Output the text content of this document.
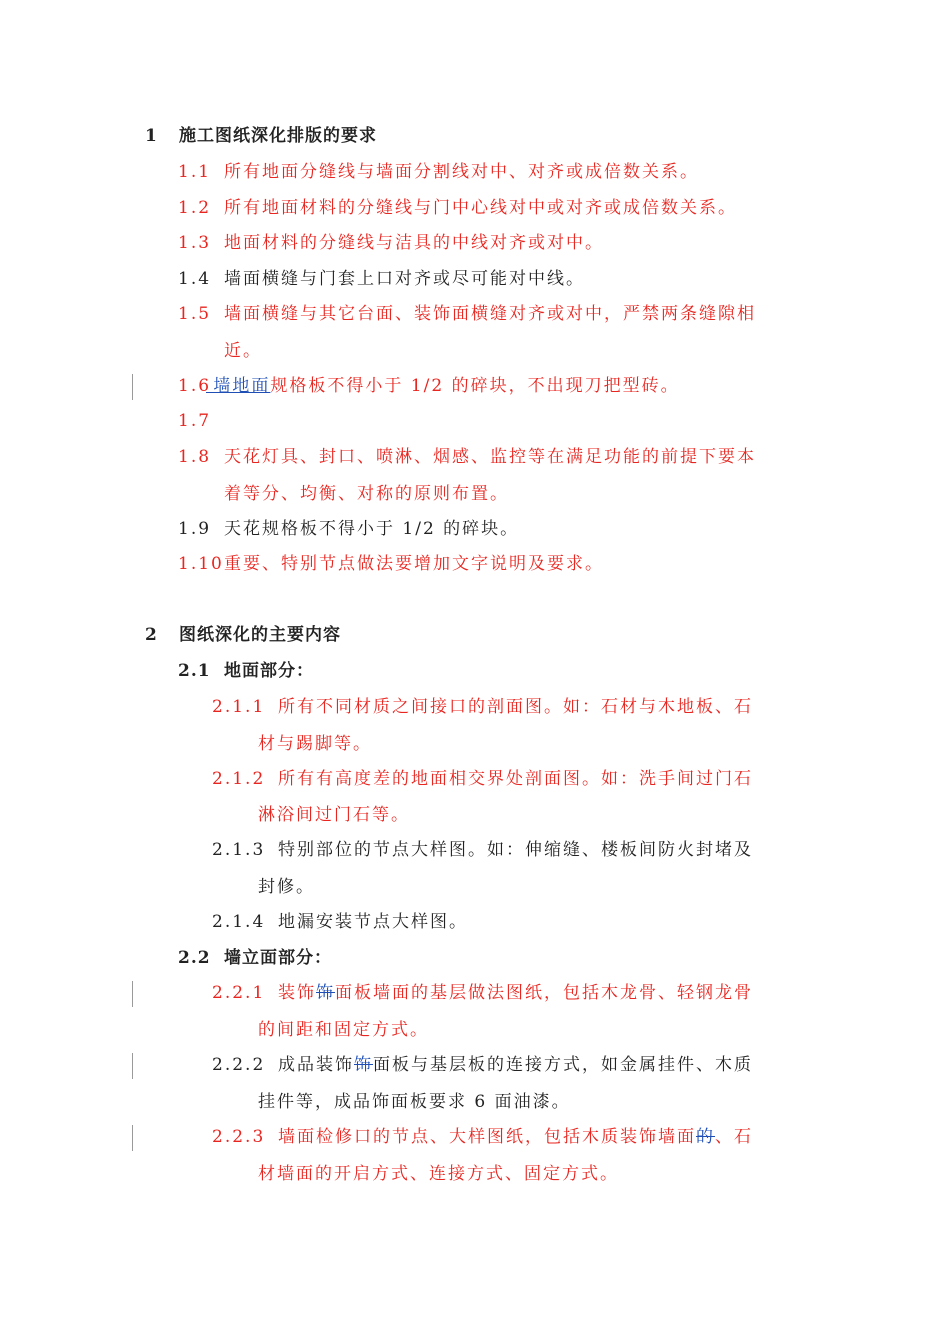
1 施工图纸深化排版的要求
1.1 所有地面分缝线与墙面分割线对中、对齐或成倍数关系。
1.2 所有地面材料的分缝线与门中心线对中或对齐或成倍数关系。
1.3 地面材料的分缝线与洁具的中线对齐或对中。
1.4 墙面横缝与门套上口对齐或尽可能对中线。
1.5 墙面横缝与其它台面、装饰面横缝对齐或对中，严禁两条缝隙相
近。
1.6 墙地面规格板不得小于 1/2 的碎块，不出现刀把型砖。
1.7
1.8 天花灯具、封口、喷淋、烟感、监控等在满足功能的前提下要本
着等分、均衡、对称的原则布置。
1.9 天花规格板不得小于 1/2 的碎块。
1.10重要、特别节点做法要增加文字说明及要求。
2 图纸深化的主要内容
2.1 地面部分：
2.1.1 所有不同材质之间接口的剖面图。如：石材与木地板、石
材与踢脚等。
2.1.2 所有有高度差的地面相交界处剖面图。如：洗手间过门石
淋浴间过门石等。
2.1.3 特别部位的节点大样图。如：伸缩缝、楼板间防火封堵及
封修。
2.1.4 地漏安装节点大样图。
2.2 墙立面部分：
2.2.1 装饰饰面板墙面的基层做法图纸，包括木龙骨、轻钢龙骨
的间距和固定方式。
2.2.2 成品装饰饰面板与基层板的连接方式，如金属挂件、木质
挂件等，成品饰面板要求 6 面油漆。
2.2.3 墙面检修口的节点、大样图纸，包括木质装饰墙面的、石
材墙面的开启方式、连接方式、固定方式。
